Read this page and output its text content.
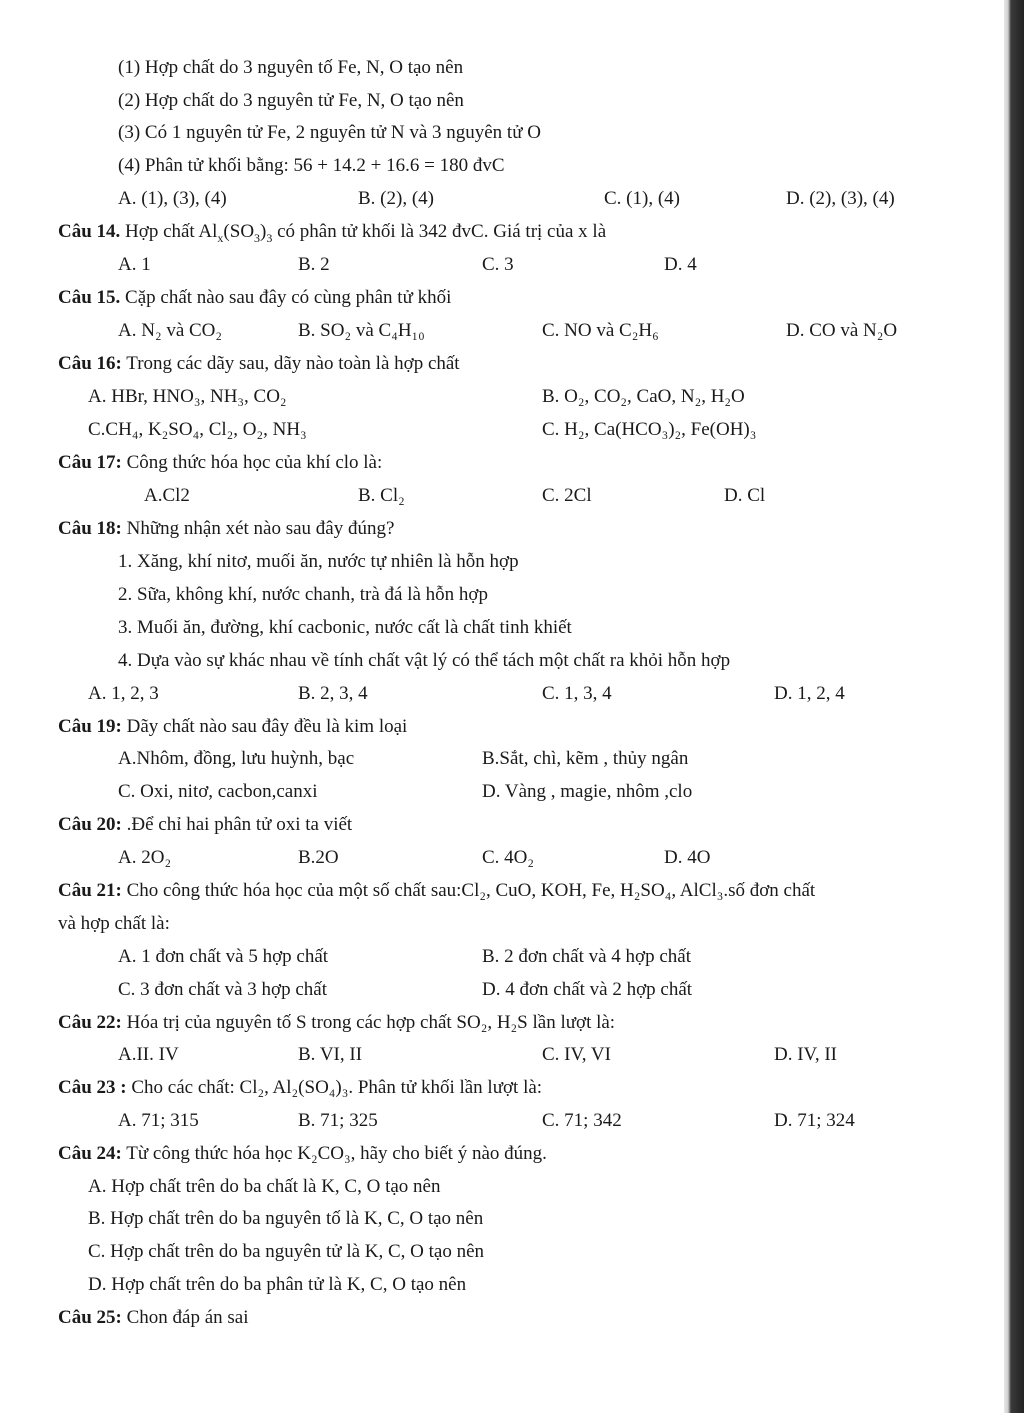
(1) Hợp chất do 3 nguyên tố Fe, N, O tạo nên
(2) Hợp chất do 3 nguyên tử Fe, N, O tạo nên
(3) Có 1 nguyên tử Fe, 2 nguyên tử N và 3 nguyên tử O
(4) Phân tử khối bằng: 56 + 14.2 + 16.6 = 180 đvC
A. (1), (3), (4)	B. (2), (4)	C. (1), (4)	D. (2), (3), (4)
Câu 14. Hợp chất $Al_x(SO_3)_3$ có phân tử khối là 342 đvC. Giá trị của x là
A. 1	B. 2	C. 3	D. 4
Câu 15. Cặp chất nào sau đây có cùng phân tử khối
A. N₂ và CO₂	B. SO₂ và C₄H₁₀	C. NO và C₂H₆	D. CO và N₂O
Câu 16: Trong các dãy sau, dãy nào toàn là hợp chất
A. HBr, HNO₃, NH₃, CO₂	B. O₂, CO₂, CaO, N₂, H₂O
C.CH₄, K₂SO₄, Cl₂, O₂, NH₃	C. H₂, Ca(HCO₃)₂, Fe(OH)₃
Câu 17: Công thức hóa học của khí clo là:
A.Cl2	B. Cl₂	C. 2Cl	D. Cl
Câu 18: Những nhận xét nào sau đây đúng?
1. Xăng, khí nitơ, muối ăn, nước tự nhiên là hỗn hợp
2. Sữa, không khí, nước chanh, trà đá là hỗn hợp
3. Muối ăn, đường, khí cacbonic, nước cất là chất tinh khiết
4. Dựa vào sự khác nhau về tính chất vật lý có thể tách một chất ra khỏi hỗn hợp
A. 1, 2, 3	B. 2, 3, 4	C. 1, 3, 4	D. 1, 2, 4
Câu 19: Dãy chất nào sau đây đều là kim loại
A.Nhôm, đồng, lưu huỳnh, bạc	B.Sắt, chì, kẽm , thủy ngân
C. Oxi, nitơ, cacbon,canxi	D. Vàng , magie, nhôm ,clo
Câu 20: .Để chỉ hai phân tử oxi ta viết
A. 2O₂	B.2O	C. 4O₂	D. 4O
Câu 21: Cho công thức hóa học của một số chất sau:Cl₂, CuO, KOH, Fe, H₂SO₄, AlCl₃.số đơn chất
và hợp chất là:
A. 1 đơn chất và 5 hợp chất	B. 2 đơn chất và 4 hợp chất
C. 3 đơn chất và 3 hợp chất	D. 4 đơn chất và 2 hợp chất
Câu 22: Hóa trị của nguyên tố S trong các hợp chất SO₂, H₂S lần lượt là:
A.II. IV	B. VI, II	C. IV, VI	D. IV, II
Câu 23 : Cho các chất: Cl₂, Al₂(SO₄)₃. Phân tử khối lần lượt là:
A. 71; 315	B. 71; 325	C. 71; 342	D. 71; 324
Câu 24: Từ công thức hóa học K₂CO₃, hãy cho biết ý nào đúng.
A. Hợp chất trên do ba chất là K, C, O tạo nên
B. Hợp chất trên do ba nguyên tố là K, C, O tạo nên
C. Hợp chất trên do ba nguyên tử là K, C, O tạo nên
D. Hợp chất trên do ba phân tử là K, C, O tạo nên
Câu 25: Chon đáp án sai
